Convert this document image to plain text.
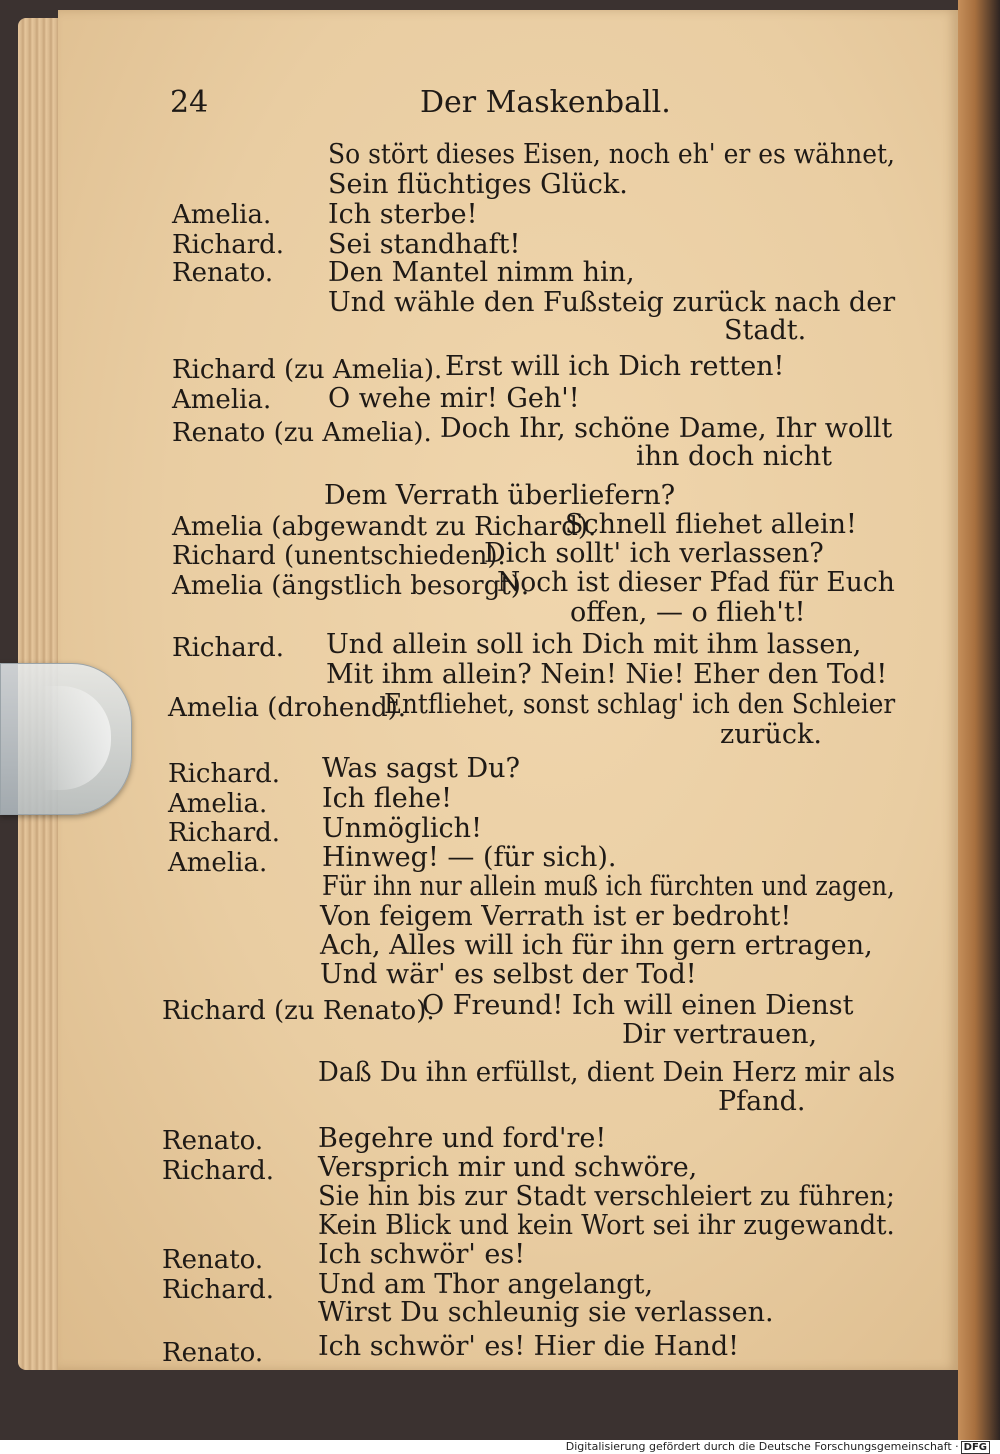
24	Der Maskenball.
So stört dieses Eisen, noch eh' er es wähnet,
Sein flüchtiges Glück.
Amelia. Ich sterbe!
Richard. Sei standhaft!
Renato. Den Mantel nimm hin,
Und wähle den Fußsteig zurück nach der
Stadt.
Richard (zu Amelia). Erst will ich Dich retten!
Amelia. O wehe mir! Geh'!
Renato (zu Amelia). Doch Ihr, schöne Dame, Ihr wollt
ihn doch nicht
Dem Verrath überliefern?
Amelia (abgewandt zu Richard).
Schnell fliehet allein!
Richard (unentschieden).
Dich sollt' ich verlassen?
Amelia (ängstlich besorgt).
Noch ist dieser Pfad für Euch
offen, — o flieh't!
Richard. Und allein soll ich Dich mit ihm lassen,
Mit ihm allein? Nein! Nie! Eher den Tod!
Amelia (drohend).
Entfliehet, sonst schlag' ich den Schleier
zurück.
Richard. Was sagst Du?
Amelia. Ich flehe!
Richard. Unmöglich!
Amelia. Hinweg! — (für sich).
Für ihn nur allein muß ich fürchten und zagen,
Von feigem Verrath ist er bedroht!
Ach, Alles will ich für ihn gern ertragen,
Und wär' es selbst der Tod!
Richard (zu Renato).
O Freund! Ich will einen Dienst
Dir vertrauen,
Daß Du ihn erfüllst, dient Dein Herz mir als
Pfand.
Renato. Begehre und ford're!
Richard. Versprich mir und schwöre,
Sie hin bis zur Stadt verschleiert zu führen;
Kein Blick und kein Wort sei ihr zugewandt.
Renato. Ich schwör' es!
Richard. Und am Thor angelangt,
Wirst Du schleunig sie verlassen.
Renato. Ich schwör' es! Hier die Hand!
Digitalisierung gefördert durch die Deutsche Forschungsgemeinschaft · DFG
